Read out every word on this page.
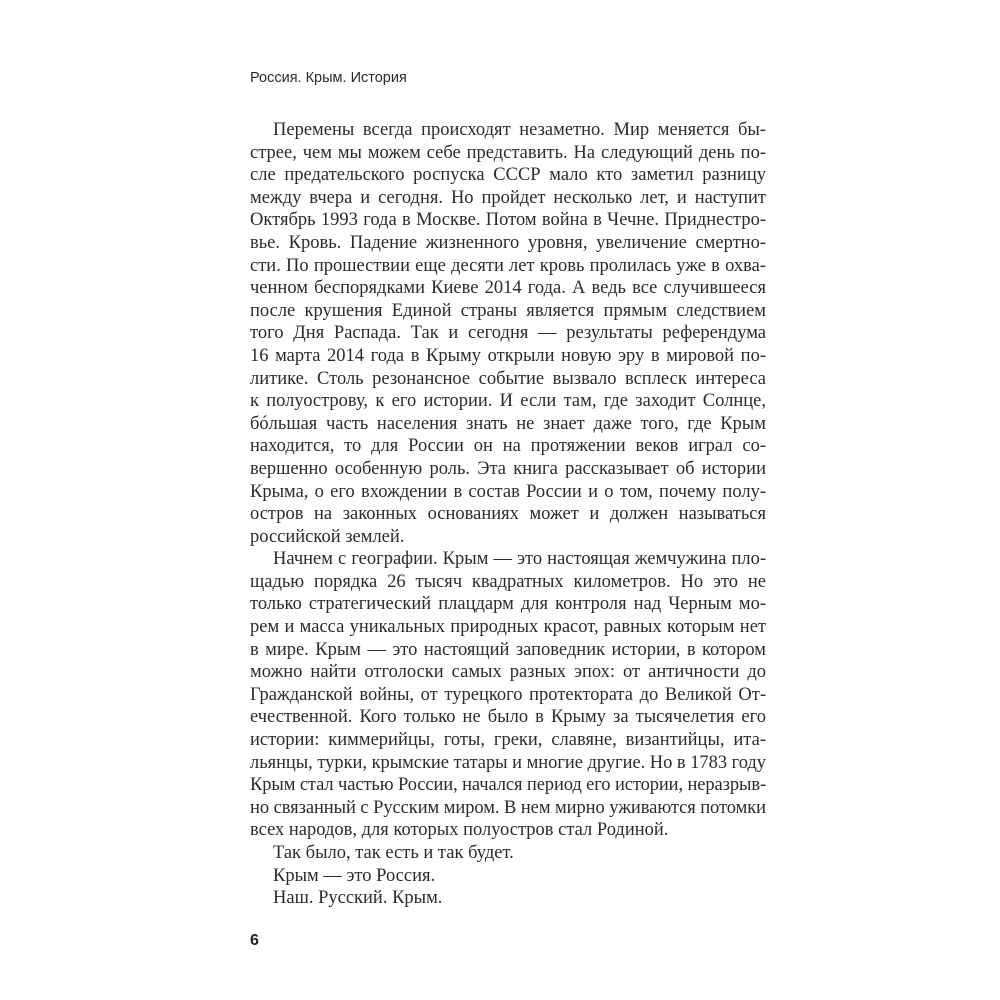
Россия. Крым. История
Перемены всегда происходят незаметно. Мир меняется бы-
стрее, чем мы можем себе представить. На следующий день по-
сле предательского роспуска СССР мало кто заметил разницу
между вчера и сегодня. Но пройдет несколько лет, и наступит
Октябрь 1993 года в Москве. Потом война в Чечне. Приднестро-
вье. Кровь. Падение жизненного уровня, увеличение смертно-
сти. По прошествии еще десяти лет кровь пролилась уже в охва-
ченном беспорядками Киеве 2014 года. А ведь все случившееся
после крушения Единой страны является прямым следствием
того Дня Распада. Так и сегодня — результаты референдума
16 марта 2014 года в Крыму открыли новую эру в мировой по-
литике. Столь резонансное событие вызвало всплеск интереса
к полуострову, к его истории. И если там, где заходит Солнце,
бóльшая часть населения знать не знает даже того, где Крым
находится, то для России он на протяжении веков играл со-
вершенно особенную роль. Эта книга рассказывает об истории
Крыма, о его вхождении в состав России и о том, почему полу-
остров на законных основаниях может и должен называться
российской землей.
Начнем с географии. Крым — это настоящая жемчужина пло-
щадью порядка 26 тысяч квадратных километров. Но это не
только стратегический плацдарм для контроля над Черным мо-
рем и масса уникальных природных красот, равных которым нет
в мире. Крым — это настоящий заповедник истории, в котором
можно найти отголоски самых разных эпох: от античности до
Гражданской войны, от турецкого протектората до Великой От-
ечественной. Кого только не было в Крыму за тысячелетия его
истории: киммерийцы, готы, греки, славяне, византийцы, ита-
льянцы, турки, крымские татары и многие другие. Но в 1783 году
Крым стал частью России, начался период его истории, неразрыв-
но связанный с Русским миром. В нем мирно уживаются потомки
всех народов, для которых полуостров стал Родиной.
Так было, так есть и так будет.
Крым — это Россия.
Наш. Русский. Крым.
6
